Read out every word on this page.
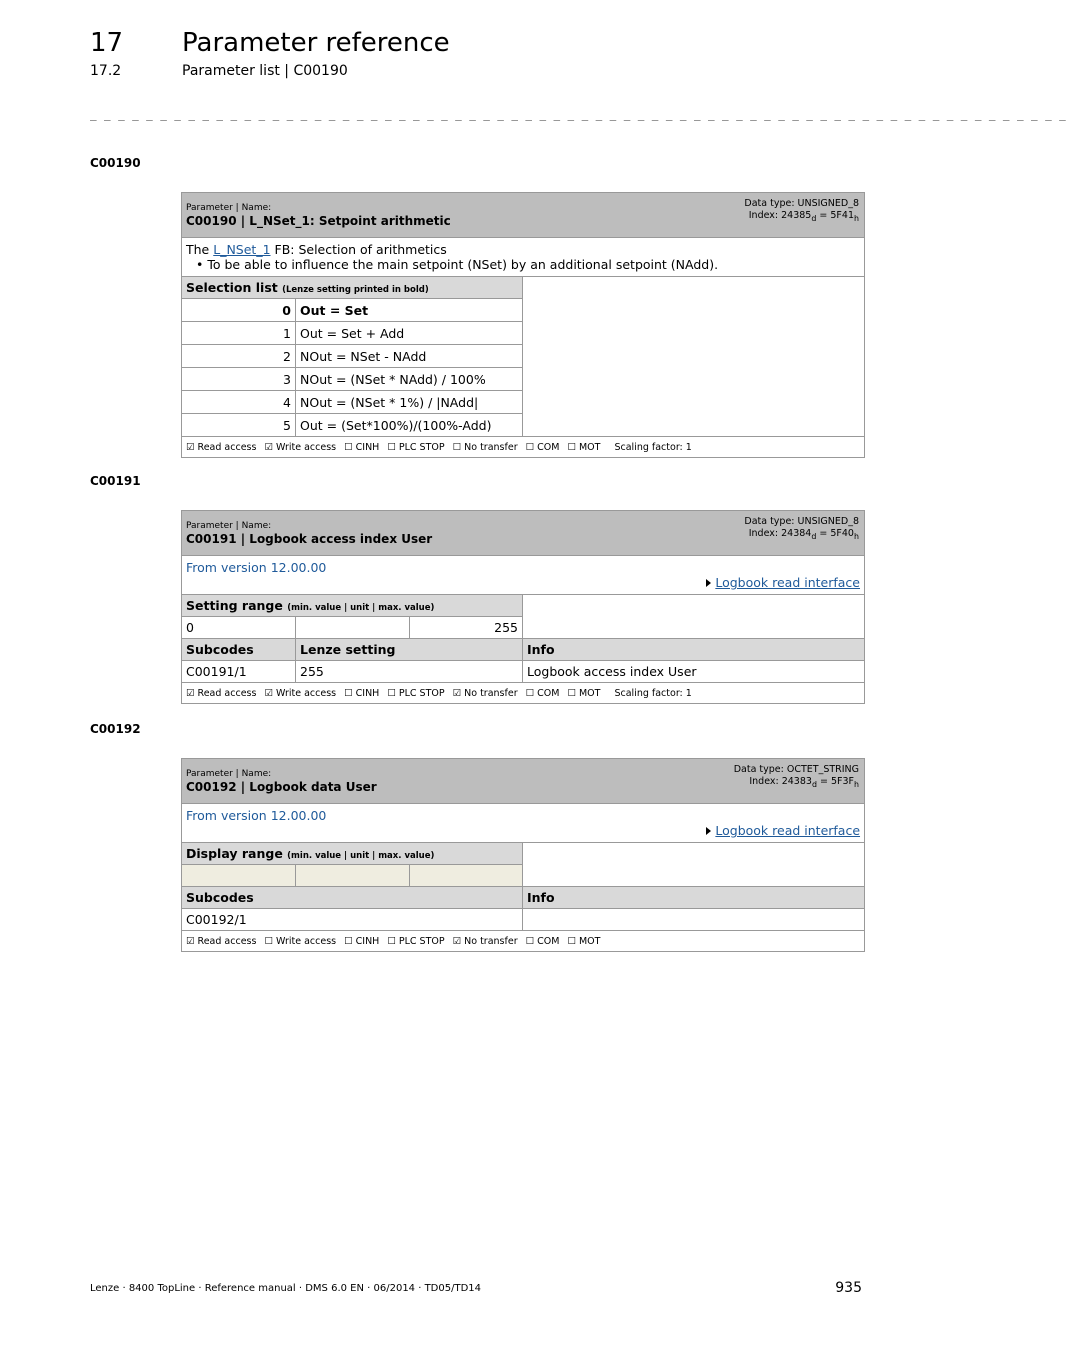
17 Parameter reference
17.2	Parameter list | C00190
_ _ _ _ _ _ _ _ _ _ _ _ _ _ _ _ _ _ _ _ _ _ _ _ _ _ _ _ _ _ _ _ _ _ _ _ _ _ _ _ _ _ _ _ _ _ _ _ _ _ _ _ _ _ _ _ _ _ _ _ _ _ _ _ _ _ _ _ _ _
C00190
Parameter | Name:
C00190 | L_NSet_1: Setpoint arithmetic
Data type: UNSIGNED_8
Index: $24385_d = 5F41_h$

The L_NSet_1 FB: Selection of arithmetics
• To be able to influence the main setpoint (NSet) by an additional setpoint (NAdd).		

Selection list (Lenze setting printed in bold)		
0	Out = Set	
1	Out = Set + Add	
2	NOut = NSet - NAdd	
3	NOut = (NSet * NAdd) / 100%	
4	NOut = (NSet * 1%) / |NAdd|	
5	Out = (Set*100%)/(100%-Add)	
☑ Read access ☑ Write access ☐ CINH ☐ PLC STOP ☐ No transfer ☐ COM ☐ MOT Scaling factor: 1		
C00191
Parameter | Name:
C00191 | Logbook access index User
Data type: UNSIGNED_8
Index: $24384_d = 5F40_h$

From version 12.00.00
Logbook read interface			

Setting range (min. value | unit | max. value)			
0		255	
Subcodes	Lenze setting		Info
C00191/1	255		Logbook access index User
☑ Read access ☑ Write access ☐ CINH ☐ PLC STOP ☑ No transfer ☐ COM ☐ MOT Scaling factor: 1			
C00192
Parameter | Name:
C00192 | Logbook data User
Data type: OCTET_STRING
Index: $24383_d = 5F3F_h$

From version 12.00.00
Logbook read interface			

Display range (min. value | unit | max. value)			

Subcodes			Info
C00192/1			
☑ Read access ☐ Write access ☐ CINH ☐ PLC STOP ☑ No transfer ☐ COM ☐ MOT			
Lenze · 8400 TopLine · Reference manual · DMS 6.0 EN · 06/2014 · TD05/TD14	935
